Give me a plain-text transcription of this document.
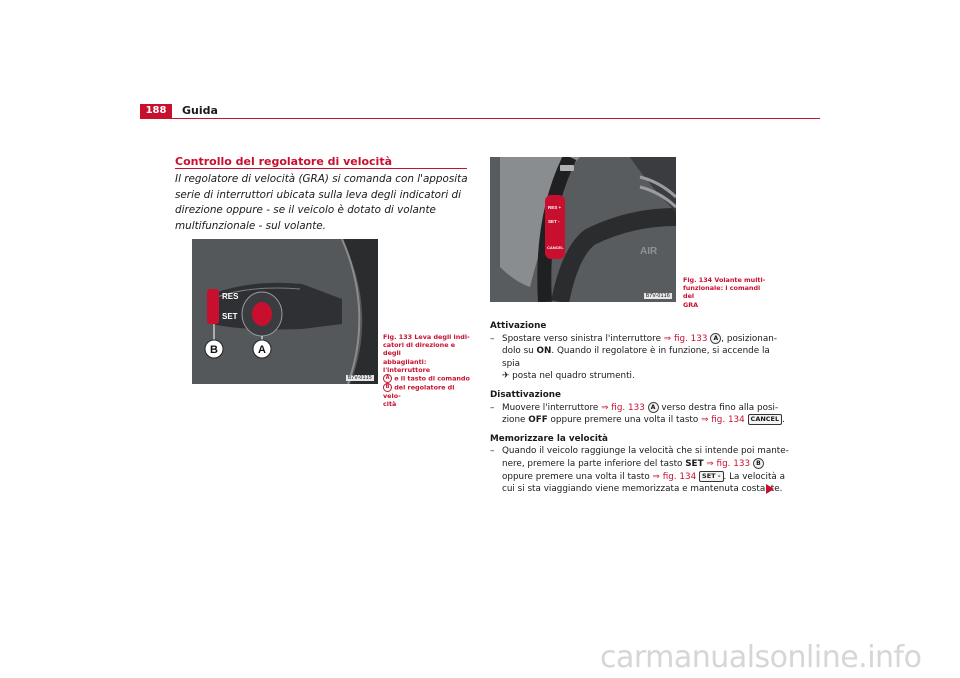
188	Guida
Controllo del regolatore di velocità

Il regolatore di velocità (GRA) si comanda con l'apposita serie di interruttori ubicata sulla leva degli indicatori di direzione oppure - se il veicolo è dotato di volante multifunzionale - sul volante.

RES
SET
B	A
B7V-0115
Fig. 133 Leva degli indi-
catori di direzione e degli
abbaglianti: l'interruttore
A e il tasto di comando
B del regolatore di velo-
cità
RES +
SET -
CANCEL	AIR
B7V-0116
Fig. 134 Volante multi-
funzionale: i comandi del
GRA
Attivazione
– Spostare verso sinistra l'interruttore ⇒ fig. 133 A , posizionan-
dolo su ON. Quando il regolatore è in funzione, si accende la spia
✈ posta nel quadro strumenti.
Disattivazione
– Muovere l'interruttore ⇒ fig. 133 A verso destra fino alla posi-
zione OFF oppure premere una volta il tasto ⇒ fig. 134 CANCEL .
Memorizzare la velocità
– Quando il veicolo raggiunge la velocità che si intende poi mante-
nere, premere la parte inferiore del tasto SET ⇒ fig. 133 B
oppure premere una volta il tasto ⇒ fig. 134 SET - . La velocità a
cui si sta viaggiando viene memorizzata e mantenuta costante.
carmanualsonline.info
